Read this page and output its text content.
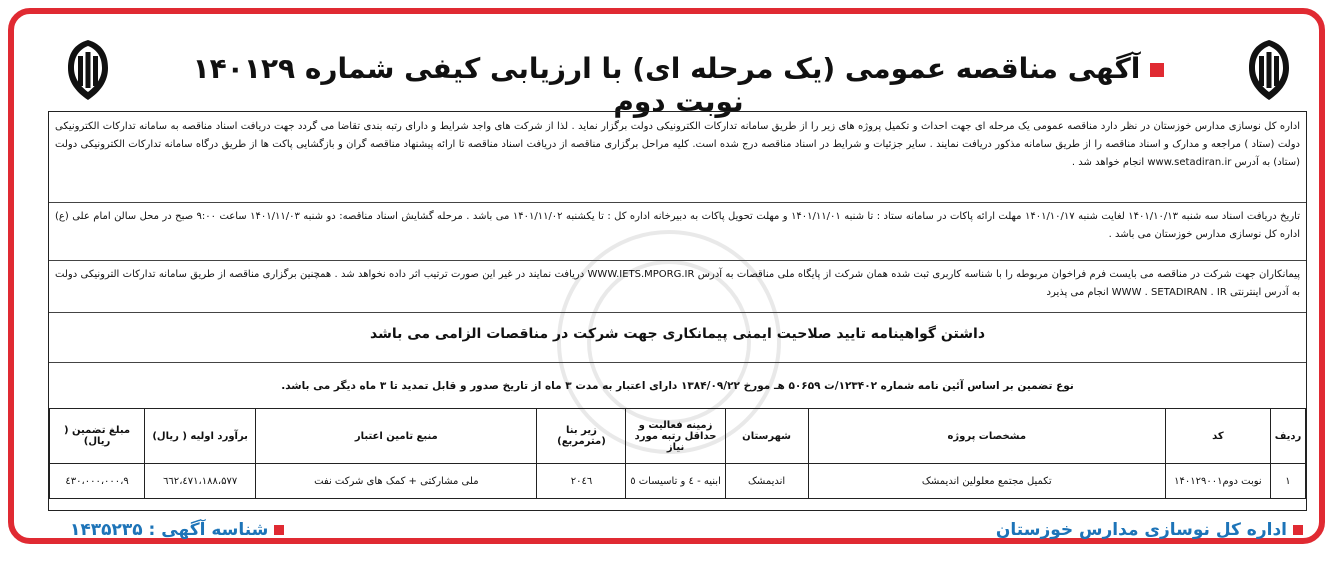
آگهی مناقصه عمومی (یک مرحله ای) با ارزیابی کیفی شماره ۱۴۰۱۲۹ نوبت دوم
اداره کل نوسازی مدارس خوزستان در نظر دارد مناقصه عمومی یک مرحله ای جهت احداث و تکمیل پروژه های زیر را از طریق سامانه تدارکات الکترونیکی دولت برگزار نماید . لذا از شرکت های واجد شرایط و دارای رتبه بندی تقاضا می گردد جهت دریافت اسناد مناقصه به سامانه تدارکات الکترونیکی دولت (ستاد ) مراجعه و مدارک و اسناد مناقصه را از طریق سامانه مذکور دریافت نمایند . سایر جزئیات و شرایط در اسناد مناقصه درج شده است. کلیه مراحل برگزاری مناقصه از دریافت اسناد مناقصه تا ارائه پیشنهاد مناقصه گران و بازگشایی پاکت ها از طریق درگاه سامانه تدارکات الکترونیکی دولت (ستاد) به آدرس www.setadiran.ir انجام خواهد شد .
تاریخ دریافت اسناد سه شنبه ۱۴۰۱/۱۰/۱۳ لغایت شنبه ۱۴۰۱/۱۰/۱۷ مهلت ارائه پاکات در سامانه ستاد : تا شنبه ۱۴۰۱/۱۱/۰۱ و مهلت تحویل پاکات به دبیرخانه اداره کل : تا یکشنبه ۱۴۰۱/۱۱/۰۲ می باشد . مرحله گشایش اسناد مناقصه: دو شنبه ۱۴۰۱/۱۱/۰۳ ساعت ۹:۰۰ صبح در محل سالن امام علی (ع) اداره کل نوسازی مدارس خوزستان می باشد .
پیمانکاران جهت شرکت در مناقصه می بایست فرم فراخوان مربوطه را با شناسه کاربری ثبت شده همان شرکت از پایگاه ملی مناقصات به آدرس WWW.IETS.MPORG.IR دریافت نمایند در غیر این صورت ترتیب اثر داده نخواهد شد . همچنین برگزاری مناقصه از طریق سامانه تدارکات الترونیکی دولت به آدرس اینترنتی WWW . SETADIRAN . IR انجام می پذیرد
داشتن گواهینامه تایید صلاحیت ایمنی پیمانکاری جهت شرکت در مناقصات الزامی می باشد
نوع تضمین بر اساس آئین نامه شماره ۱۲۳۴۰۲/ت ۵۰۶۵۹ هـ مورخ ۱۳۸۴/۰۹/۲۲ دارای اعتبار به مدت ۳ ماه از تاریخ صدور و قابل تمدید تا ۳ ماه دیگر می باشد.
ردیف	کد	مشخصات پروژه	شهرستان	زمینه فعالیت و حداقل رتبه مورد نیاز	زیر بنا (مترمربع)	منبع تامین اعتبار	برآورد اولیه ( ریال)	مبلغ تضمین ( ریال)
۱	نوبت دوم۱۴۰۱۲۹۰۰۱	تکمیل مجتمع معلولین اندیمشک	اندیمشک	ابنیه - ٤ و تاسیسات ٥	۲۰٤٦	ملی مشارکتی + کمک های شرکت نفت	۱۸۸،۵۷۷،٤۷۱،٦٦۲	۹،٤۳۰،۰۰۰،۰۰۰
اداره کل نوسازی مدارس خوزستان
شناسه آگهی : ۱۴۳۵۲۳۵
